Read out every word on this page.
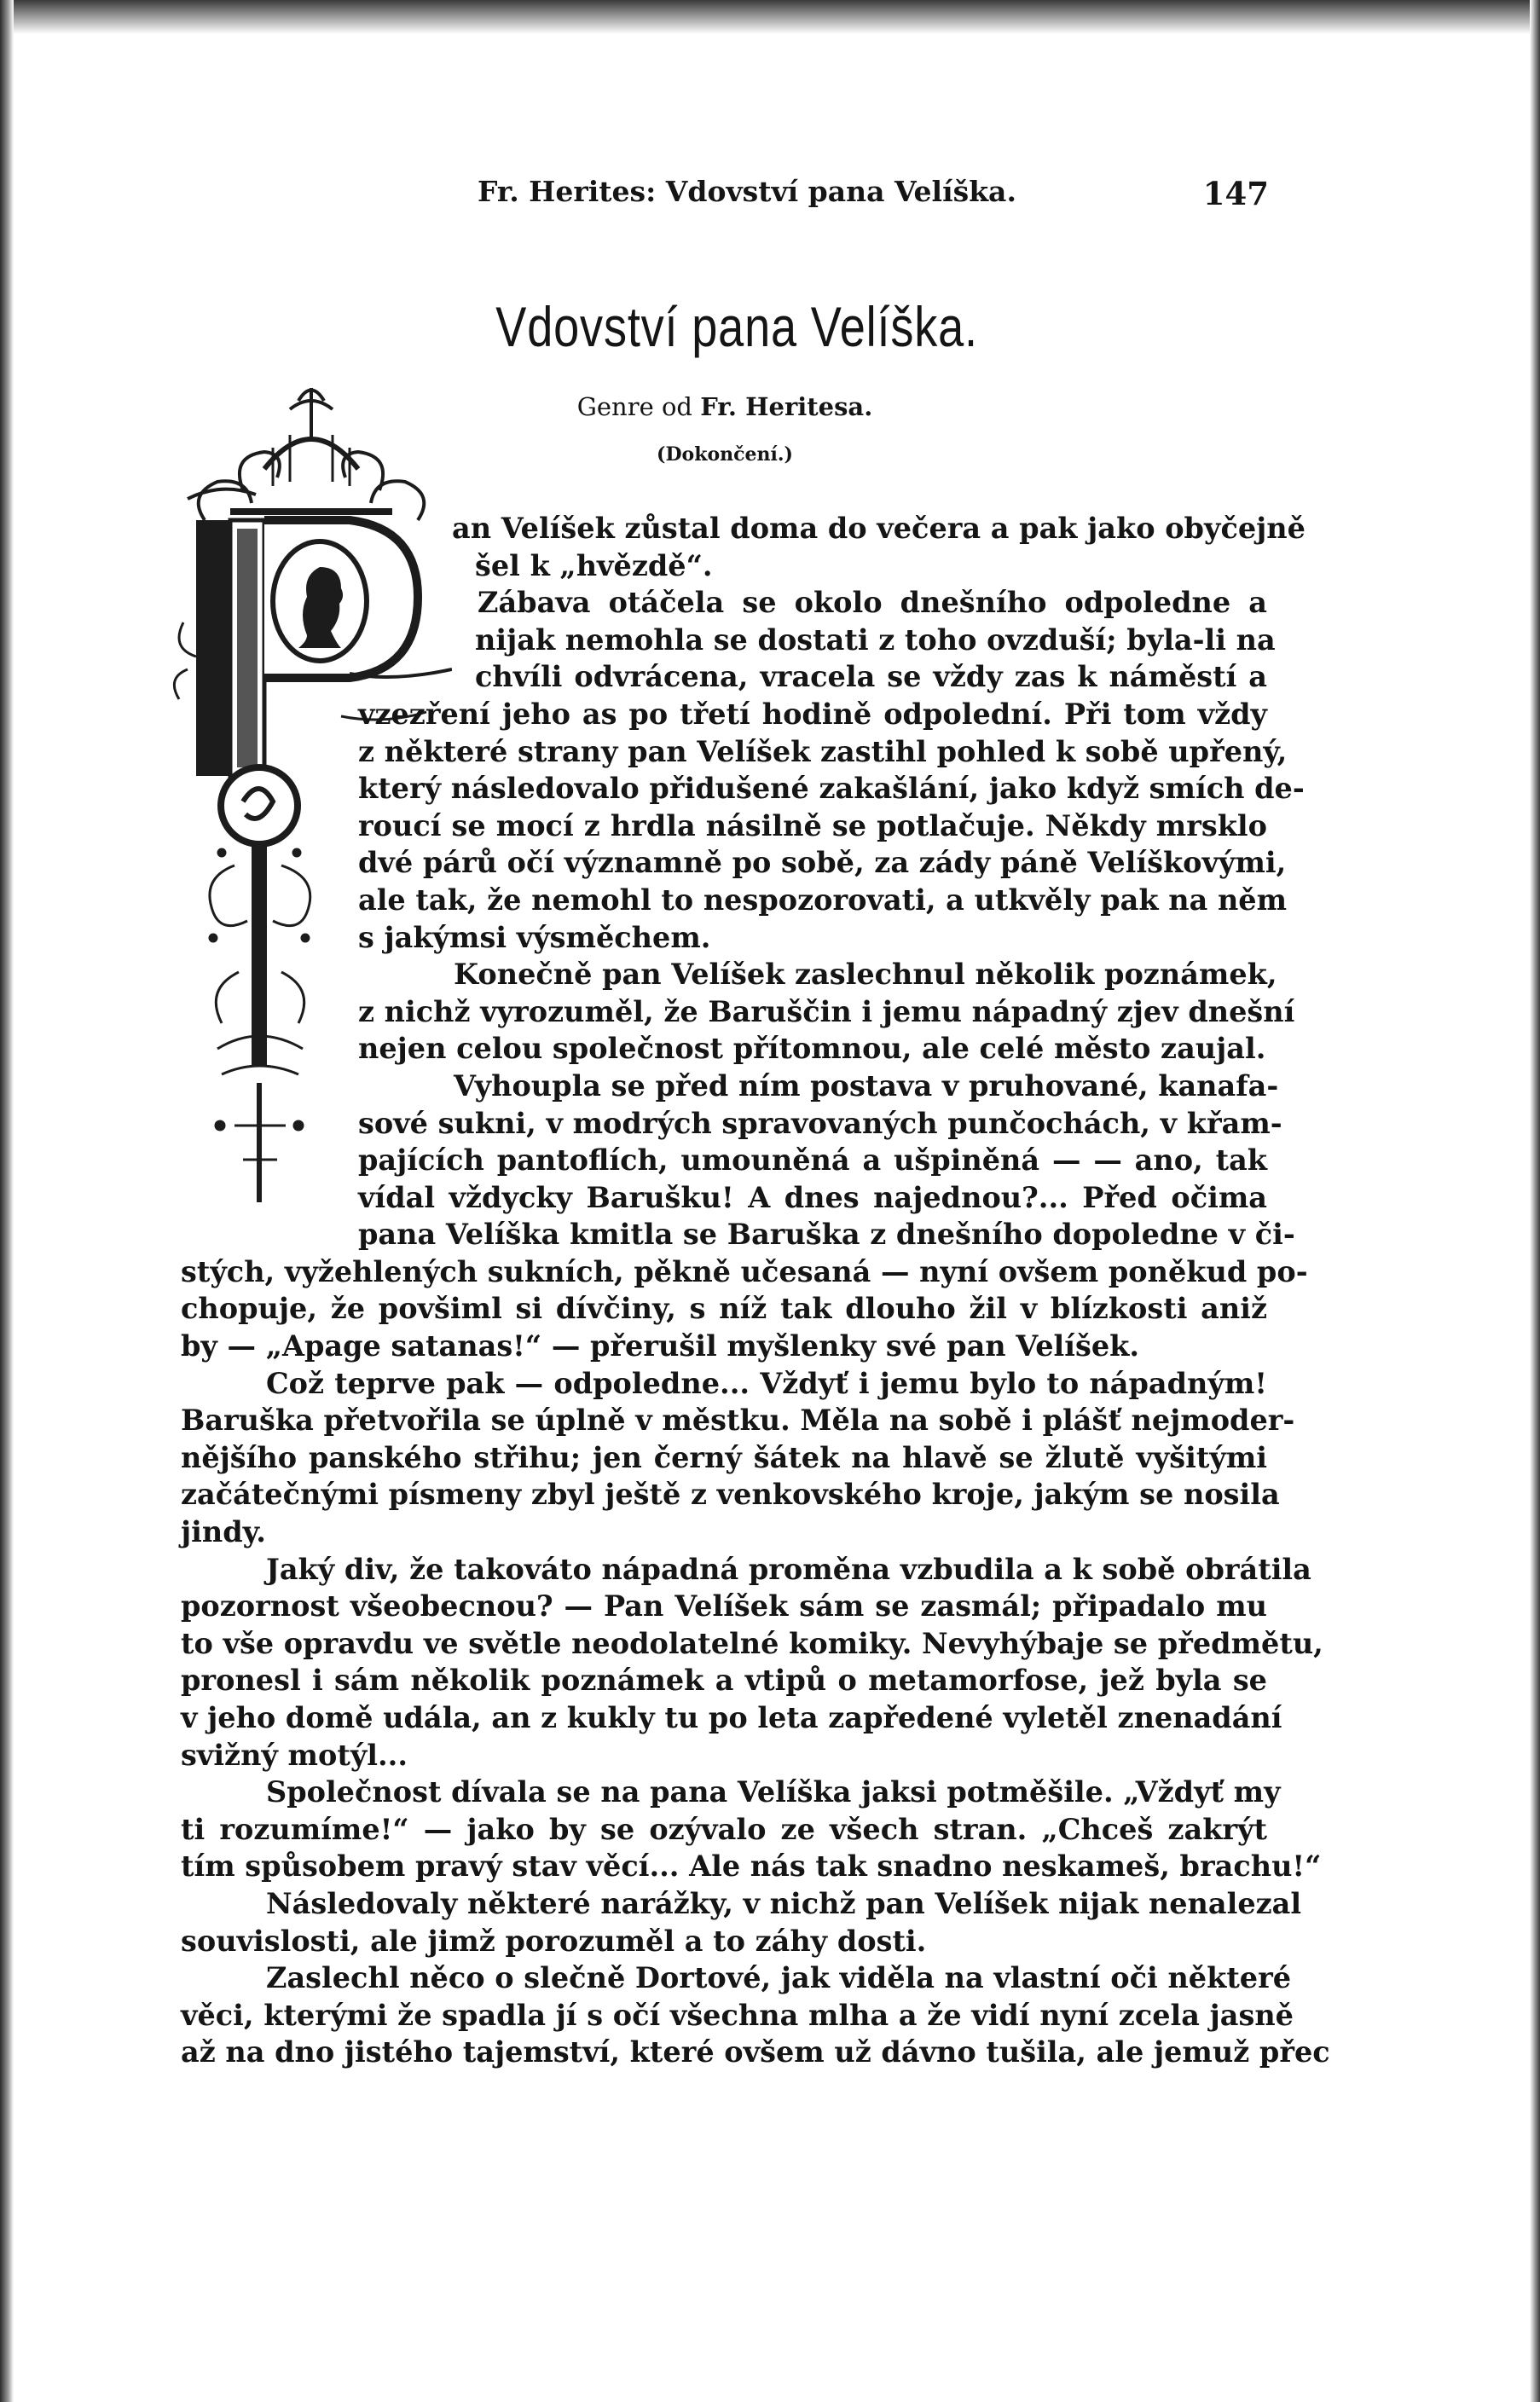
Fr. Herites: Vdovství pana Velíška.	147
Vdovství pana Velíška.
Genre od Fr. Heritesa.
(Dokončení.)
an Velíšek zůstal doma do večera a pak jako obyčejně
šel k „hvězdě“.
Zábava otáčela se okolo dnešního odpoledne a
nijak nemohla se dostati z toho ovzduší; byla-li na
chvíli odvrácena, vracela se vždy zas k náměstí a
vzezření jeho as po třetí hodině odpolední. Při tom vždy
z některé strany pan Velíšek zastihl pohled k sobě upřený,
který následovalo přidušené zakašlání, jako když smích de-
roucí se mocí z hrdla násilně se potlačuje. Někdy mrsklo
dvé párů očí významně po sobě, za zády páně Velíškovými,
ale tak, že nemohl to nespozorovati, a utkvěly pak na něm
s jakýmsi výsměchem.
Konečně pan Velíšek zaslechnul několik poznámek,
z nichž vyrozuměl, že Baruščin i jemu nápadný zjev dnešní
nejen celou společnost přítomnou, ale celé město zaujal.
Vyhoupla se před ním postava v pruhované, kanafa-
sové sukni, v modrých spravovaných punčochách, v křam-
pajících pantoflích, umouněná a ušpiněná — — ano, tak
vídal vždycky Barušku! A dnes najednou?... Před očima
pana Velíška kmitla se Baruška z dnešního dopoledne v či-
stých, vyžehlených sukních, pěkně učesaná — nyní ovšem poněkud po-
chopuje, že povšiml si dívčiny, s níž tak dlouho žil v blízkosti aniž
by — „Apage satanas!“ — přerušil myšlenky své pan Velíšek.
Což teprve pak — odpoledne... Vždyť i jemu bylo to nápadným!
Baruška přetvořila se úplně v městku. Měla na sobě i plášť nejmoder-
nějšího panského střihu; jen černý šátek na hlavě se žlutě vyšitými
začátečnými písmeny zbyl ještě z venkovského kroje, jakým se nosila
jindy.
Jaký div, že takováto nápadná proměna vzbudila a k sobě obrátila
pozornost všeobecnou? — Pan Velíšek sám se zasmál; připadalo mu
to vše opravdu ve světle neodolatelné komiky. Nevyhýbaje se předmětu,
pronesl i sám několik poznámek a vtipů o metamorfose, jež byla se
v jeho domě udála, an z kukly tu po leta zapředené vyletěl znenadání
svižný motýl...
Společnost dívala se na pana Velíška jaksi potměšile. „Vždyť my
ti rozumíme!“ — jako by se ozývalo ze všech stran. „Chceš zakrýt
tím spůsobem pravý stav věcí... Ale nás tak snadno neskameš, brachu!“
Následovaly některé narážky, v nichž pan Velíšek nijak nenalezal
souvislosti, ale jimž porozuměl a to záhy dosti.
Zaslechl něco o slečně Dortové, jak viděla na vlastní oči některé
věci, kterými že spadla jí s očí všechna mlha a že vidí nyní zcela jasně
až na dno jistého tajemství, které ovšem už dávno tušila, ale jemuž přec
